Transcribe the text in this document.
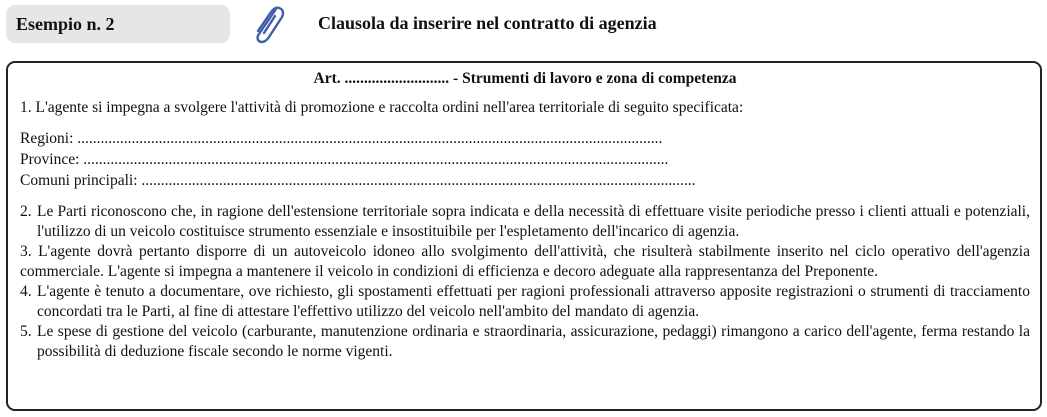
Esempio n. 2	Clausola da inserire nel contratto di agenzia
Art. ........................... - Strumenti di lavoro e zona di competenza

1. L'agente si impegna a svolgere l'attività di promozione e raccolta ordini nell'area territoriale di seguito specificata:

Regioni: .......................................................................................................................................................
Province: .......................................................................................................................................................
Comuni principali: ...............................................................................................................................................
2. Le Parti riconoscono che, in ragione dell'estensione territoriale sopra indicata e della necessità di effettuare visite periodiche presso i clienti attuali e potenziali, l'utilizzo di un veicolo costituisce strumento essenziale e insostituibile per l'espletamento dell'incarico di agenzia.
3. L'agente dovrà pertanto disporre di un autoveicolo idoneo allo svolgimento dell'attività, che risulterà stabilmente inserito nel ciclo operativo dell'agenzia commerciale. L'agente si impegna a mantenere il veicolo in condizioni di efficienza e decoro adeguate alla rappresentanza del Preponente.
4. L'agente è tenuto a documentare, ove richiesto, gli spostamenti effettuati per ragioni professionali attraverso apposite registrazioni o strumenti di tracciamento concordati tra le Parti, al fine di attestare l'effettivo utilizzo del veicolo nell'ambito del mandato di agenzia.
5. Le spese di gestione del veicolo (carburante, manutenzione ordinaria e straordinaria, assicurazione, pedaggi) rimangono a carico dell'agente, ferma restando la possibilità di deduzione fiscale secondo le norme vigenti.
